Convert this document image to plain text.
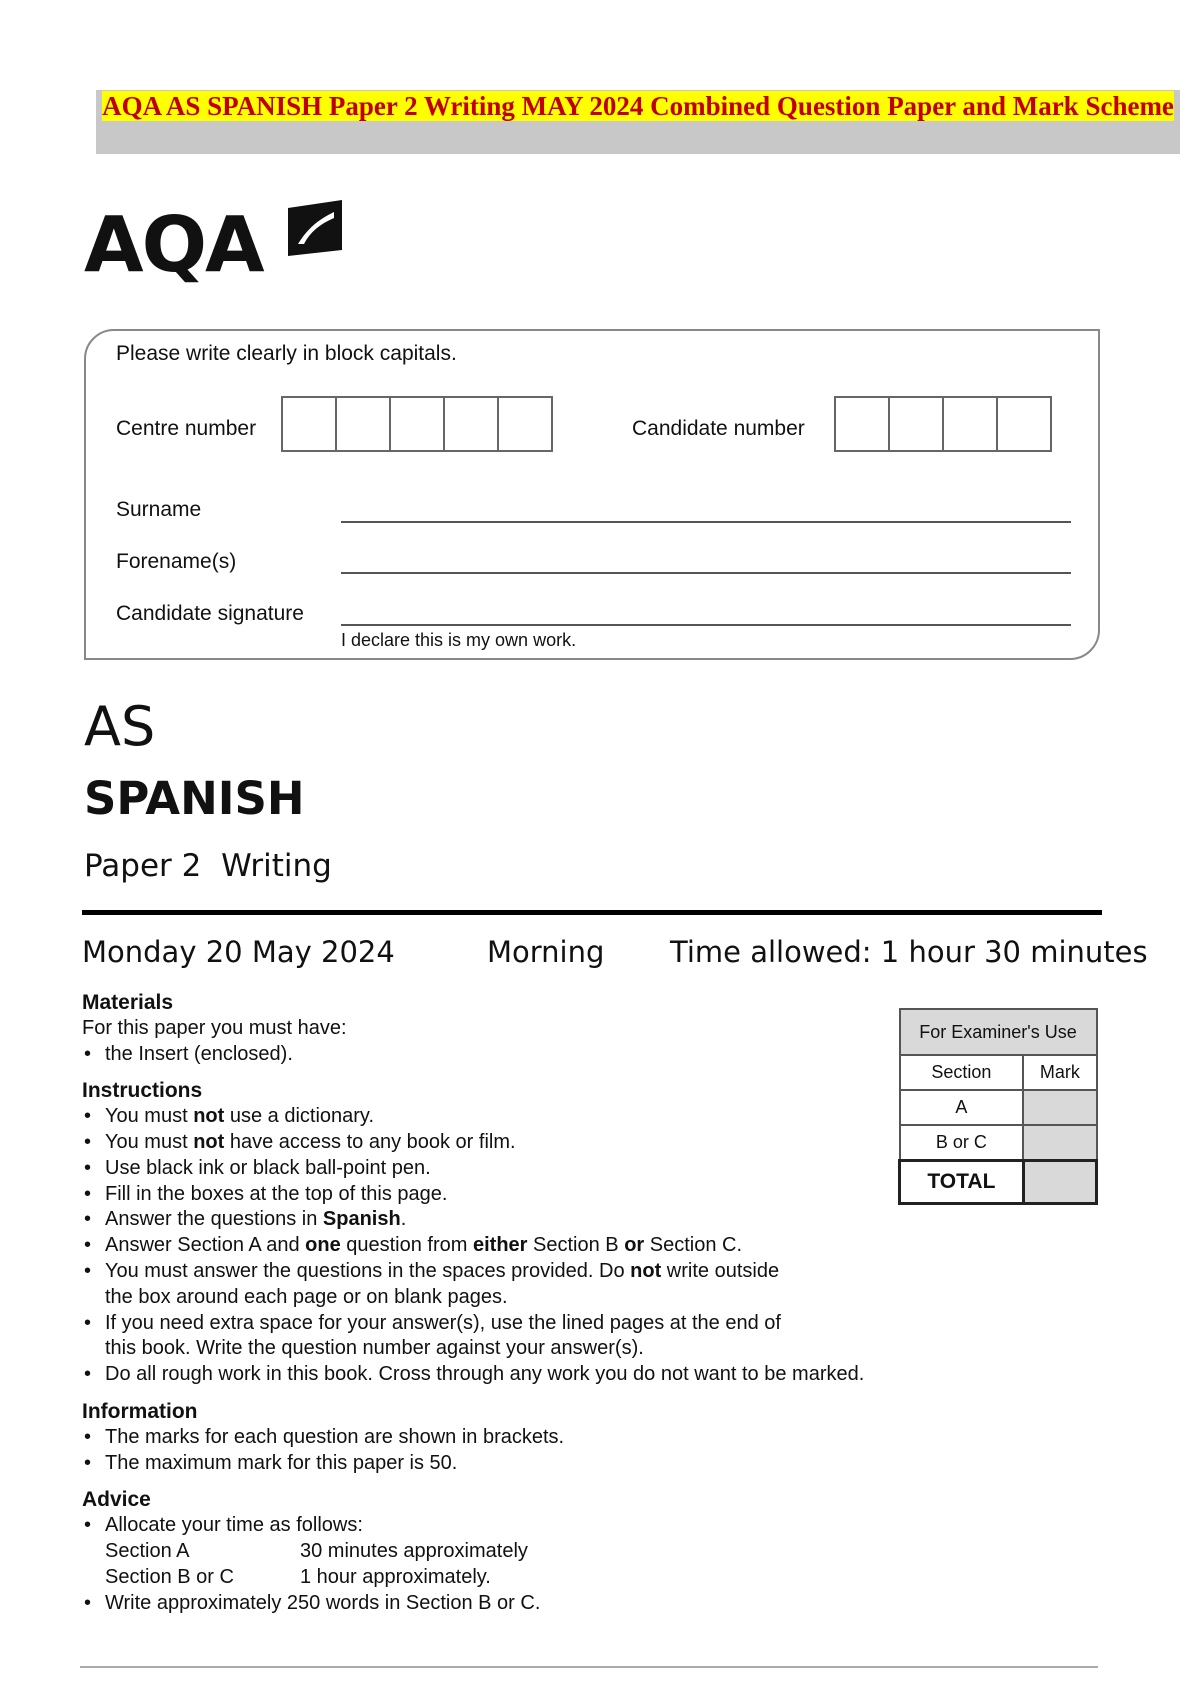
AQA AS SPANISH Paper 2 Writing MAY 2024 Combined Question Paper and Mark Scheme
AQA
Please write clearly in block capitals.
Centre number	Candidate number
Surname
Forename(s)
Candidate signature
I declare this is my own work.
AS
SPANISH
Paper 2  Writing
Monday 20 May 2024	Morning Time allowed: 1 hour 30 minutes

Materials

For this paper you must have:

• the Insert (enclosed).

Instructions

• You must not use a dictionary.
• You must not have access to any book or film.
• Use black ink or black ball-point pen.
• Fill in the boxes at the top of this page.
• Answer the questions in Spanish.
• Answer Section A and one question from either Section B or Section C.
• You must answer the questions in the spaces provided. Do not write outside the box around each page or on blank pages.
• If you need extra space for your answer(s), use the lined pages at the end of this book. Write the question number against your answer(s).
• Do all rough work in this book. Cross through any work you do not want to be marked.

Information

• The marks for each question are shown in brackets.
• The maximum mark for this paper is 50.

Advice

• Allocate your time as follows:
Section A	30 minutes approximately
Section B or C	1 hour approximately.
• Write approximately 250 words in Section B or C.
For Examiner's Use	
Section	Mark
A	
B or C	
TOTAL	
